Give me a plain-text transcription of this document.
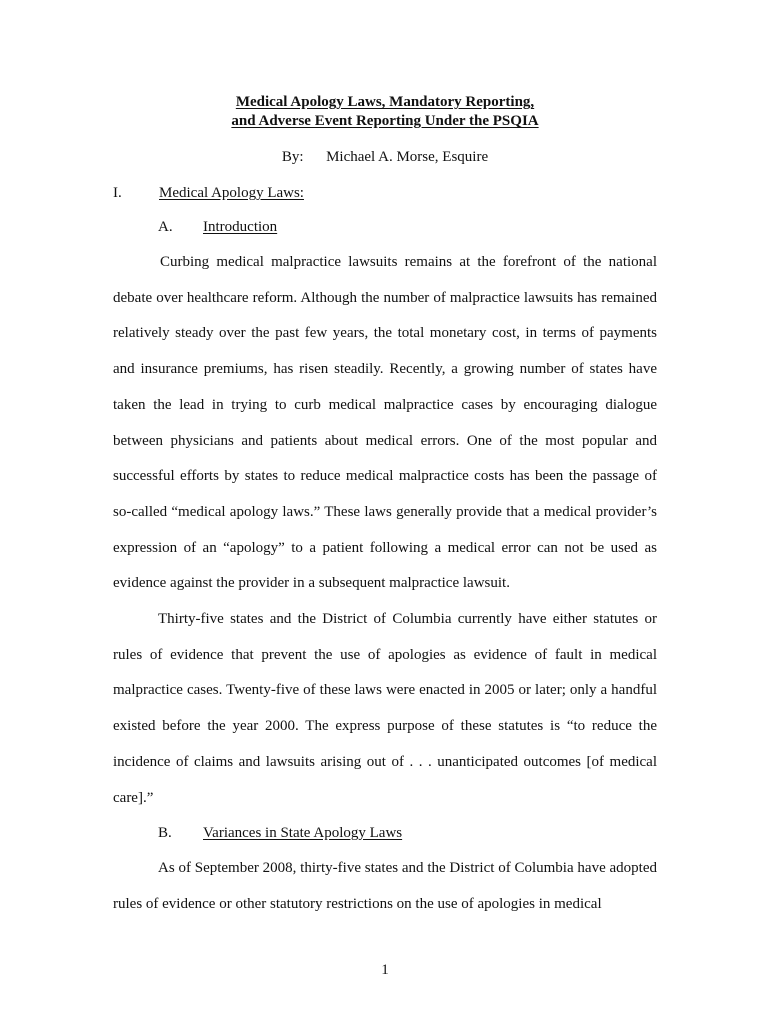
Medical Apology Laws, Mandatory Reporting,
and Adverse Event Reporting Under the PSQIA
By: Michael A. Morse, Esquire
I. Medical Apology Laws:
A. Introduction

Curbing medical malpractice lawsuits remains at the forefront of the national debate over healthcare reform. Although the number of malpractice lawsuits has remained relatively steady over the past few years, the total monetary cost, in terms of payments and insurance premiums, has risen steadily. Recently, a growing number of states have taken the lead in trying to curb medical malpractice cases by encouraging dialogue between physicians and patients about medical errors. One of the most popular and successful efforts by states to reduce medical malpractice costs has been the passage of so-called “medical apology laws.” These laws generally provide that a medical provider’s expression of an “apology” to a patient following a medical error can not be used as evidence against the provider in a subsequent malpractice lawsuit.

Thirty-five states and the District of Columbia currently have either statutes or rules of evidence that prevent the use of apologies as evidence of fault in medical malpractice cases. Twenty-five of these laws were enacted in 2005 or later; only a handful existed before the year 2000. The express purpose of these statutes is “to reduce the incidence of claims and lawsuits arising out of . . . unanticipated outcomes [of medical care].”

B. Variances in State Apology Laws

As of September 2008, thirty-five states and the District of Columbia have adopted rules of evidence or other statutory restrictions on the use of apologies in medical

1
